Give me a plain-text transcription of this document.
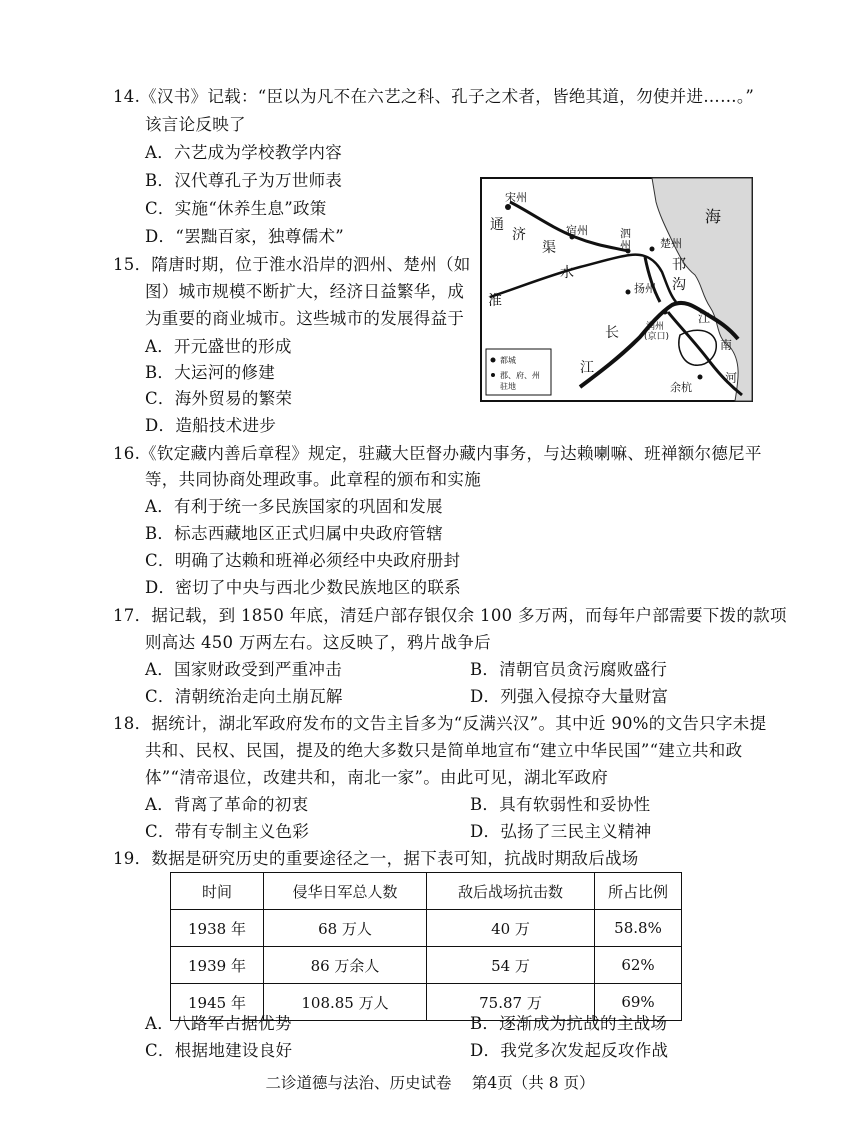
14.《汉书》记载：“臣以为凡不在六艺之科、孔子之术者，皆绝其道，勿使并进……。”
该言论反映了
A．六艺成为学校教学内容
B．汉代尊孔子为万世师表
C．实施“休养生息”政策
D．“罢黜百家，独尊儒术”
15．隋唐时期，位于淮水沿岸的泗州、楚州（如
图）城市规模不断扩大，经济日益繁华，成
为重要的商业城市。这些城市的发展得益于
A．开元盛世的形成
B．大运河的修建
C．海外贸易的繁荣
D．造船技术进步
宋州
通
济
渠
宿州	泗
州	楚州
邗
沟
海
淮
水
扬州
长
江
润州
(京口)
江
南
河
余杭
都城
郡、府、州
驻地
16.《钦定藏内善后章程》规定，驻藏大臣督办藏内事务，与达赖喇嘛、班禅额尔德尼平
等，共同协商处理政事。此章程的颁布和实施
A．有利于统一多民族国家的巩固和发展
B．标志西藏地区正式归属中央政府管辖
C．明确了达赖和班禅必须经中央政府册封
D．密切了中央与西北少数民族地区的联系
17．据记载，到 1850 年底，清廷户部存银仅余 100 多万两，而每年户部需要下拨的款项
则高达 450 万两左右。这反映了，鸦片战争后
A．国家财政受到严重冲击	B．清朝官员贪污腐败盛行
C．清朝统治走向土崩瓦解	D．列强入侵掠夺大量财富
18．据统计，湖北军政府发布的文告主旨多为“反满兴汉”。其中近 90%的文告只字未提
共和、民权、民国，提及的绝大多数只是简单地宣布“建立中华民国”“建立共和政
体”“清帝退位，改建共和，南北一家”。由此可见，湖北军政府
A．背离了革命的初衷	B．具有软弱性和妥协性
C．带有专制主义色彩	D．弘扬了三民主义精神
19．数据是研究历史的重要途径之一，据下表可知，抗战时期敌后战场
时间	侵华日军总人数	敌后战场抗击数	所占比例
1938 年	68 万人	40 万	58.8%
1939 年	86 万余人	54 万	62%
1945 年	108.85 万人	75.87 万	69%
A．八路军占据优势	B．逐渐成为抗战的主战场
C．根据地建设良好	D．我党多次发起反攻作战
二诊道德与法治、历史试卷　 第4页（共 8 页）
